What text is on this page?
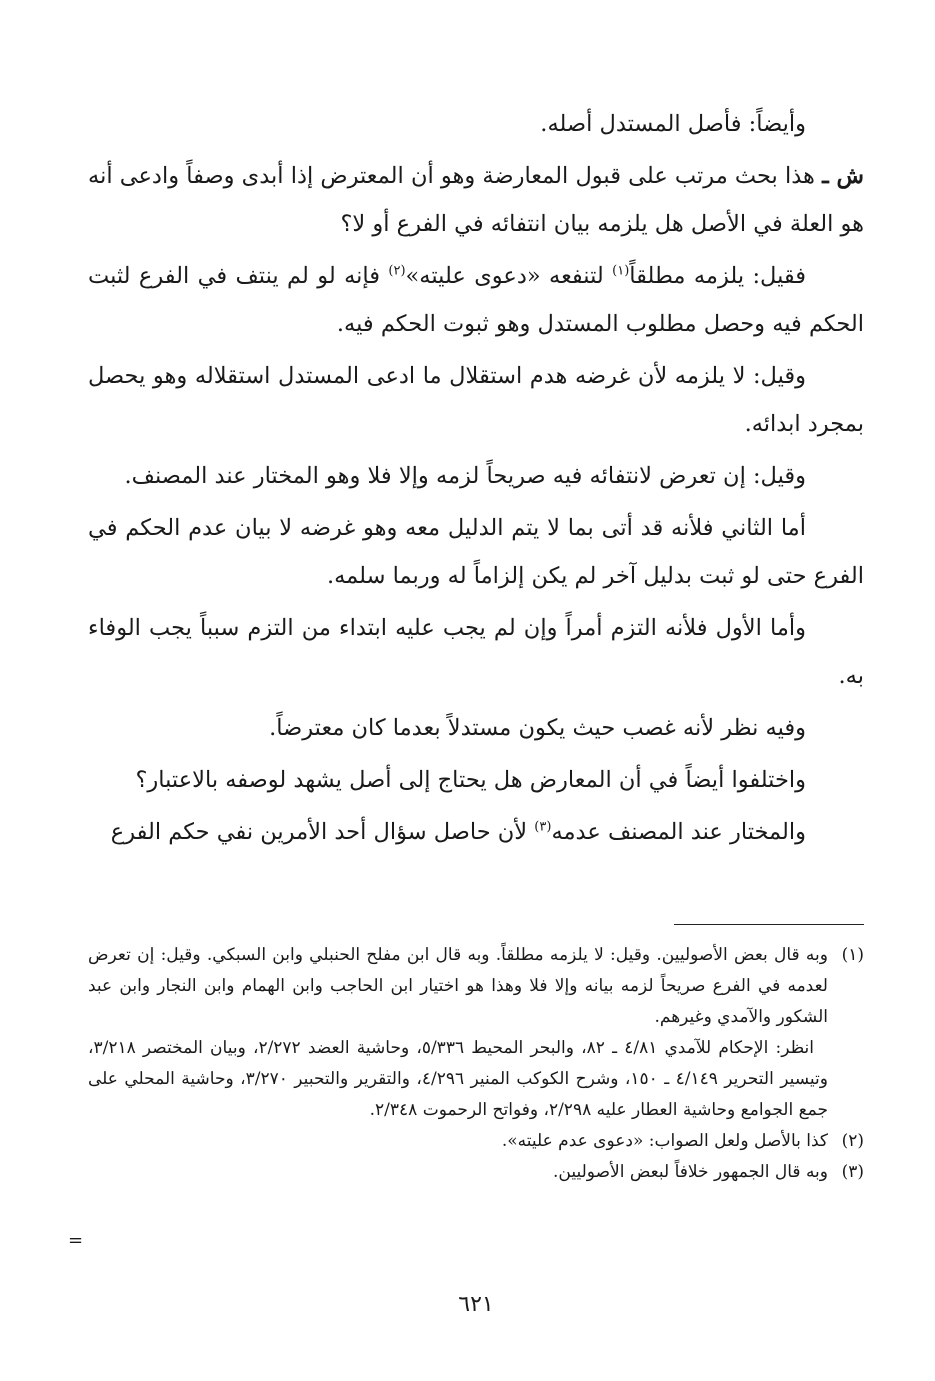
وأيضاً: فأصل المستدل أصله.

ش ـ هذا بحث مرتب على قبول المعارضة وهو أن المعترض إذا أبدى وصفاً وادعى أنه هو العلة في الأصل هل يلزمه بيان انتفائه في الفرع أو لا؟

فقيل: يلزمه مطلقاً$^{(١)}$ لتنفعه «دعوى عليته»$^{(٢)}$ فإنه لو لم ينتف في الفرع لثبت الحكم فيه وحصل مطلوب المستدل وهو ثبوت الحكم فيه.

وقيل: لا يلزمه لأن غرضه هدم استقلال ما ادعى المستدل استقلاله وهو يحصل بمجرد ابدائه.

وقيل: إن تعرض لانتفائه فيه صريحاً لزمه وإلا فلا وهو المختار عند المصنف.

أما الثاني فلأنه قد أتى بما لا يتم الدليل معه وهو غرضه لا بيان عدم الحكم في الفرع حتى لو ثبت بدليل آخر لم يكن إلزاماً له وربما سلمه.

وأما الأول فلأنه التزم أمراً وإن لم يجب عليه ابتداء من التزم سبباً يجب الوفاء به.

وفيه نظر لأنه غصب حيث يكون مستدلاً بعدما كان معترضاً.

واختلفوا أيضاً في أن المعارض هل يحتاج إلى أصل يشهد لوصفه بالاعتبار؟

والمختار عند المصنف عدمه$^{(٣)}$ لأن حاصل سؤال أحد الأمرين نفي حكم الفرع

(١)

وبه قال بعض الأصوليين. وقيل: لا يلزمه مطلقاً. وبه قال ابن مفلح الحنبلي وابن السبكي. وقيل: إن تعرض لعدمه في الفرع صريحاً لزمه بيانه وإلا فلا وهذا هو اختيار ابن الحاجب وابن الهمام وابن النجار وابن عبد الشكور والآمدي وغيرهم.

انظر: الإحكام للآمدي ٤/٨١ ـ ٨٢، والبحر المحيط ٥/٣٣٦، وحاشية العضد ٢/٢٧٢، وبيان المختصر ٣/٢١٨، وتيسير التحرير ٤/١٤٩ ـ ١٥٠، وشرح الكوكب المنير ٤/٢٩٦، والتقرير والتحبير ٣/٢٧٠، وحاشية المحلي على جمع الجوامع وحاشية العطار عليه ٢/٢٩٨، وفواتح الرحموت ٢/٣٤٨.

(٢)

كذا بالأصل ولعل الصواب: «دعوى عدم عليته».

(٣)

وبه قال الجمهور خلافاً لبعض الأصوليين.

=
٦٢١
